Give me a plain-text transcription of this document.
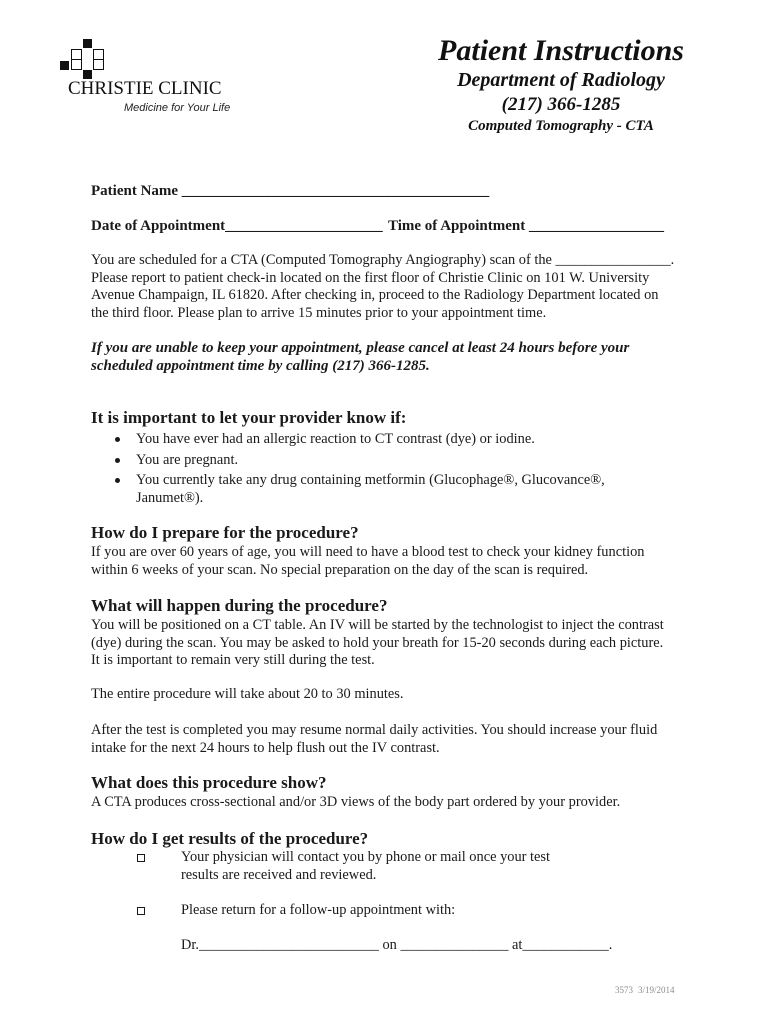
CHRISTIE CLINIC
Medicine for Your Life
Patient Instructions
Department of Radiology
(217) 366-1285
Computed Tomography - CTA
Patient Name _________________________________________
Date of Appointment_____________________ Time of Appointment __________________
You are scheduled for a CTA (Computed Tomography Angiography) scan of the ________________.
Please report to patient check-in located on the first floor of Christie Clinic on 101 W. University
Avenue Champaign, IL 61820. After checking in, proceed to the Radiology Department located on
the third floor. Please plan to arrive 15 minutes prior to your appointment time.
If you are unable to keep your appointment, please cancel at least 24 hours before your
scheduled appointment time by calling (217) 366-1285.
It is important to let your provider know if:
You have ever had an allergic reaction to CT contrast (dye) or iodine.
You are pregnant.
You currently take any drug containing metformin (Glucophage®, Glucovance®,
Janumet®).
How do I prepare for the procedure?
If you are over 60 years of age, you will need to have a blood test to check your kidney function
within 6 weeks of your scan. No special preparation on the day of the scan is required.
What will happen during the procedure?
You will be positioned on a CT table. An IV will be started by the technologist to inject the contrast
(dye) during the scan. You may be asked to hold your breath for 15-20 seconds during each picture.
It is important to remain very still during the test.
The entire procedure will take about 20 to 30 minutes.
After the test is completed you may resume normal daily activities. You should increase your fluid
intake for the next 24 hours to help flush out the IV contrast.
What does this procedure show?
A CTA produces cross-sectional and/or 3D views of the body part ordered by your provider.
How do I get results of the procedure?
Your physician will contact you by phone or mail once your test
results are received and reviewed.
Please return for a follow-up appointment with:
Dr._________________________ on _______________ at____________.
3573 3/19/2014
